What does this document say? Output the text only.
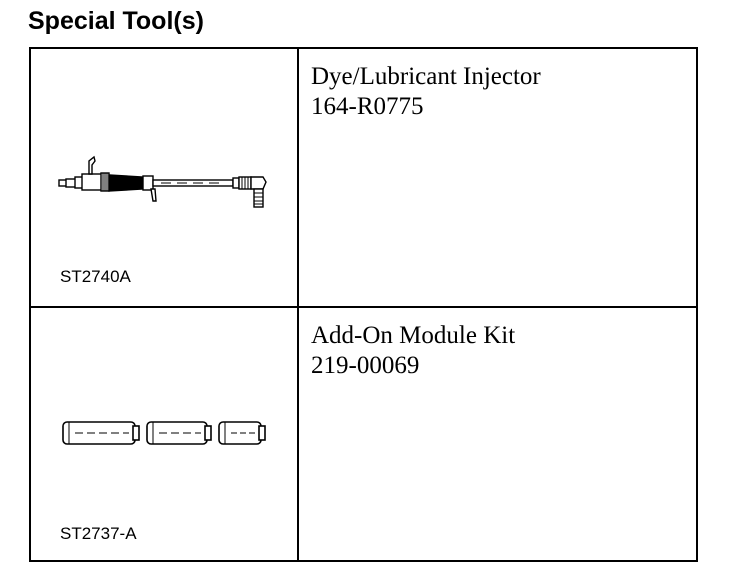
Special Tool(s)
ST2740A
Dye/Lubricant Injector
164-R0775
ST2737-A
Add-On Module Kit
219-00069
